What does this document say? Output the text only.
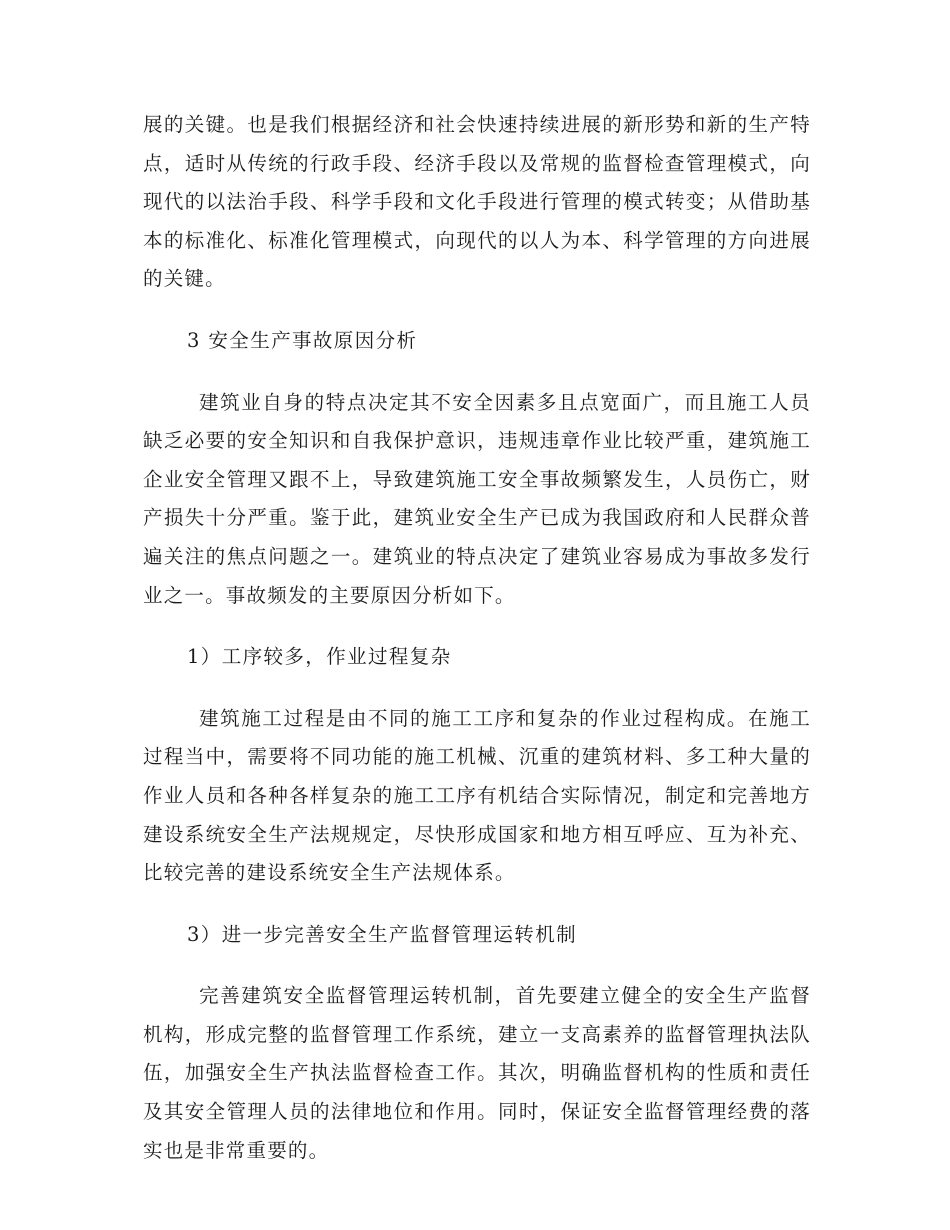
展的关键。也是我们根据经济和社会快速持续进展的新形势和新的生产特点，适时从传统的行政手段、经济手段以及常规的监督检查管理模式，向现代的以法治手段、科学手段和文化手段进行管理的模式转变；从借助基本的标准化、标准化管理模式，向现代的以人为本、科学管理的方向进展的关键。

3 安全生产事故原因分析

建筑业自身的特点决定其不安全因素多且点宽面广，而且施工人员缺乏必要的安全知识和自我保护意识，违规违章作业比较严重，建筑施工企业安全管理又跟不上，导致建筑施工安全事故频繁发生，人员伤亡，财产损失十分严重。鉴于此，建筑业安全生产已成为我国政府和人民群众普遍关注的焦点问题之一。建筑业的特点决定了建筑业容易成为事故多发行业之一。事故频发的主要原因分析如下。

1）工序较多，作业过程复杂

建筑施工过程是由不同的施工工序和复杂的作业过程构成。在施工过程当中，需要将不同功能的施工机械、沉重的建筑材料、多工种大量的作业人员和各种各样复杂的施工工序有机结合实际情况，制定和完善地方建设系统安全生产法规规定，尽快形成国家和地方相互呼应、互为补充、比较完善的建设系统安全生产法规体系。

3）进一步完善安全生产监督管理运转机制

完善建筑安全监督管理运转机制，首先要建立健全的安全生产监督机构，形成完整的监督管理工作系统，建立一支高素养的监督管理执法队伍，加强安全生产执法监督检查工作。其次，明确监督机构的性质和责任及其安全管理人员的法律地位和作用。同时，保证安全监督管理经费的落实也是非常重要的。
